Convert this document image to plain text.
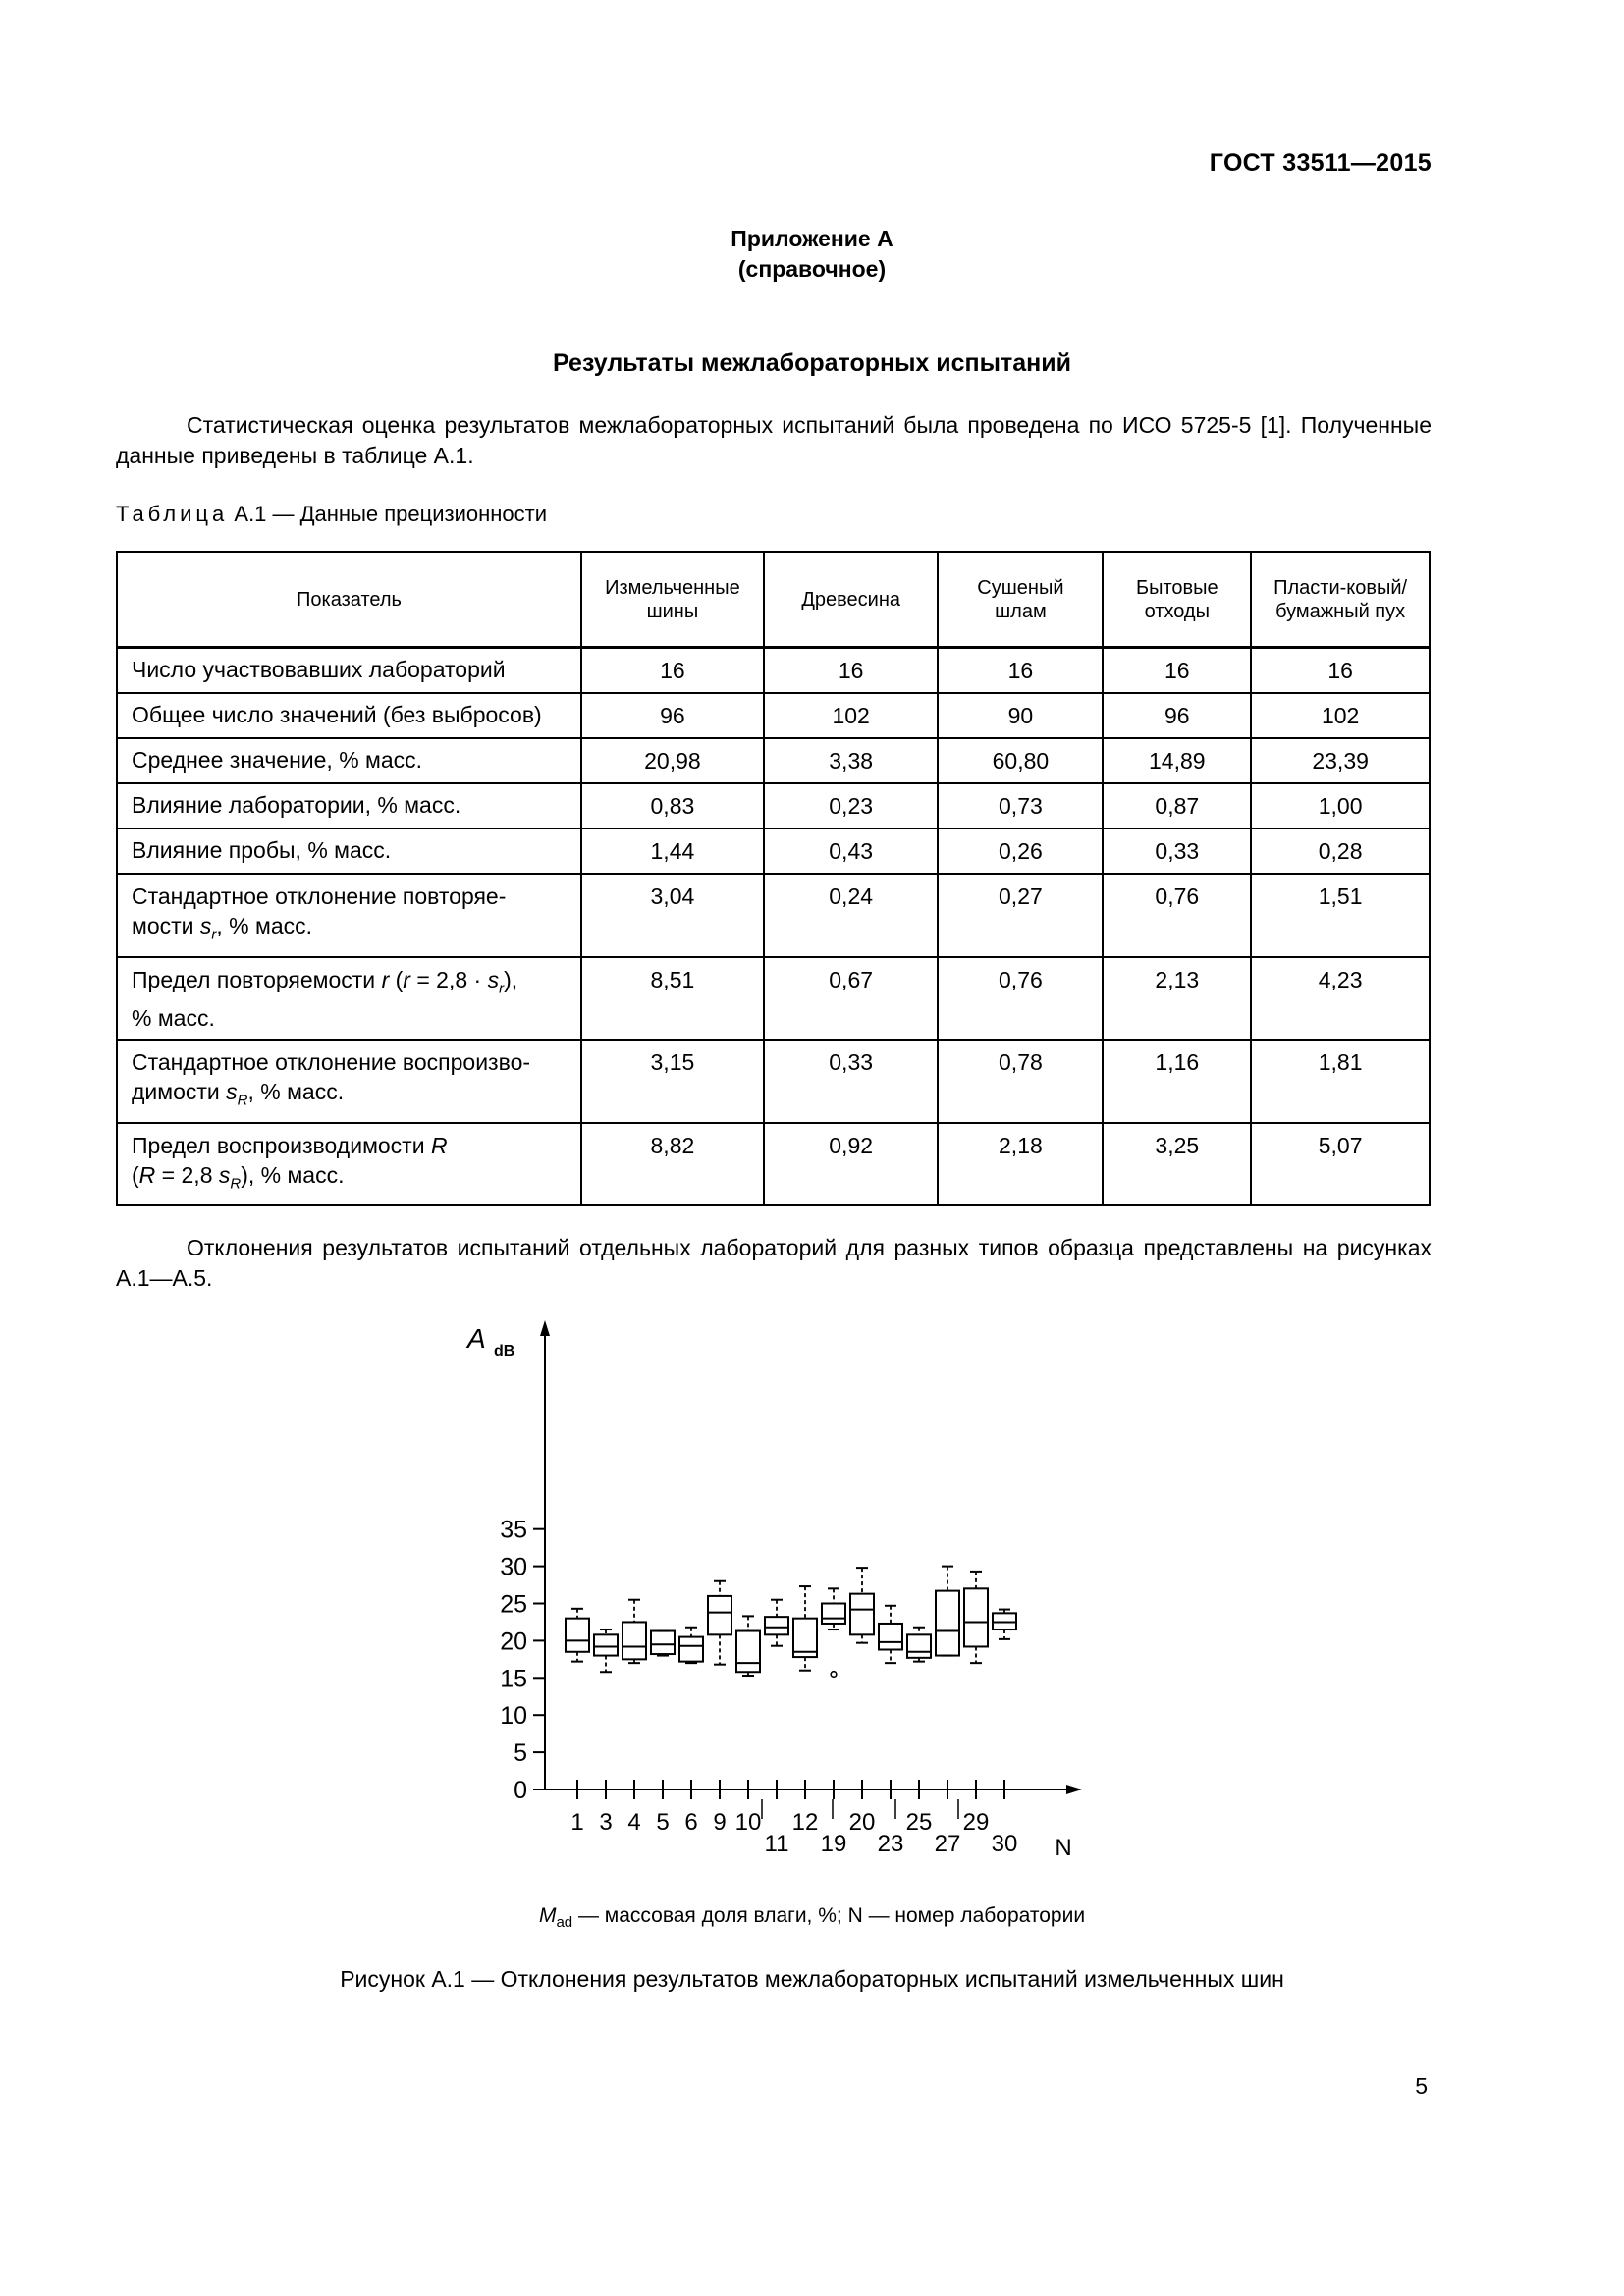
ГОСТ 33511—2015
Приложение А
(справочное)
Результаты межлабораторных испытаний
Статистическая оценка результатов межлабораторных испытаний была проведена по ИСО 5725-5 [1]. Полученные данные приведены в таблице А.1.
Таблица А.1 — Данные прецизионности
Показатель	Измельченные шины	Древесина	Сушеный шлам	Бытовые отходы	Пласти-ковый/ бумажный пух
Число участвовавших лабораторий	16	16	16	16	16
Общее число значений (без выбросов)	96	102	90	96	102
Среднее значение, % масс.	20,98	3,38	60,80	14,89	23,39
Влияние лаборатории, % масс.	0,83	0,23	0,73	0,87	1,00
Влияние пробы, % масс.	1,44	0,43	0,26	0,33	0,28
Стандартное отклонение повторяе-
мости $s_r$, % масс.	3,04	0,24	0,27	0,76	1,51
Предел повторяемости r $(r = 2,8 \cdot s_r)$,
% масс.	8,51	0,67	0,76	2,13	4,23
Стандартное отклонение воспроизво-
димости $s_R$, % масс.	3,15	0,33	0,78	1,16	1,81
Предел воспроизводимости R
(R = 2,8 $s_R$), % масс.	8,82	0,92	2,18	3,25	5,07
Отклонения результатов испытаний отдельных лабораторий для разных типов образца представлены на рисунках А.1—А.5.
0
5
10
15
20
25
30
35
A dB
N
1 3 4 5 6 9 10
11
12
19
20
23
25
27
29
30
$M_{ad}$ — массовая доля влаги, %; N — номер лаборатории
Рисунок А.1 — Отклонения результатов межлабораторных испытаний измельченных шин
5
